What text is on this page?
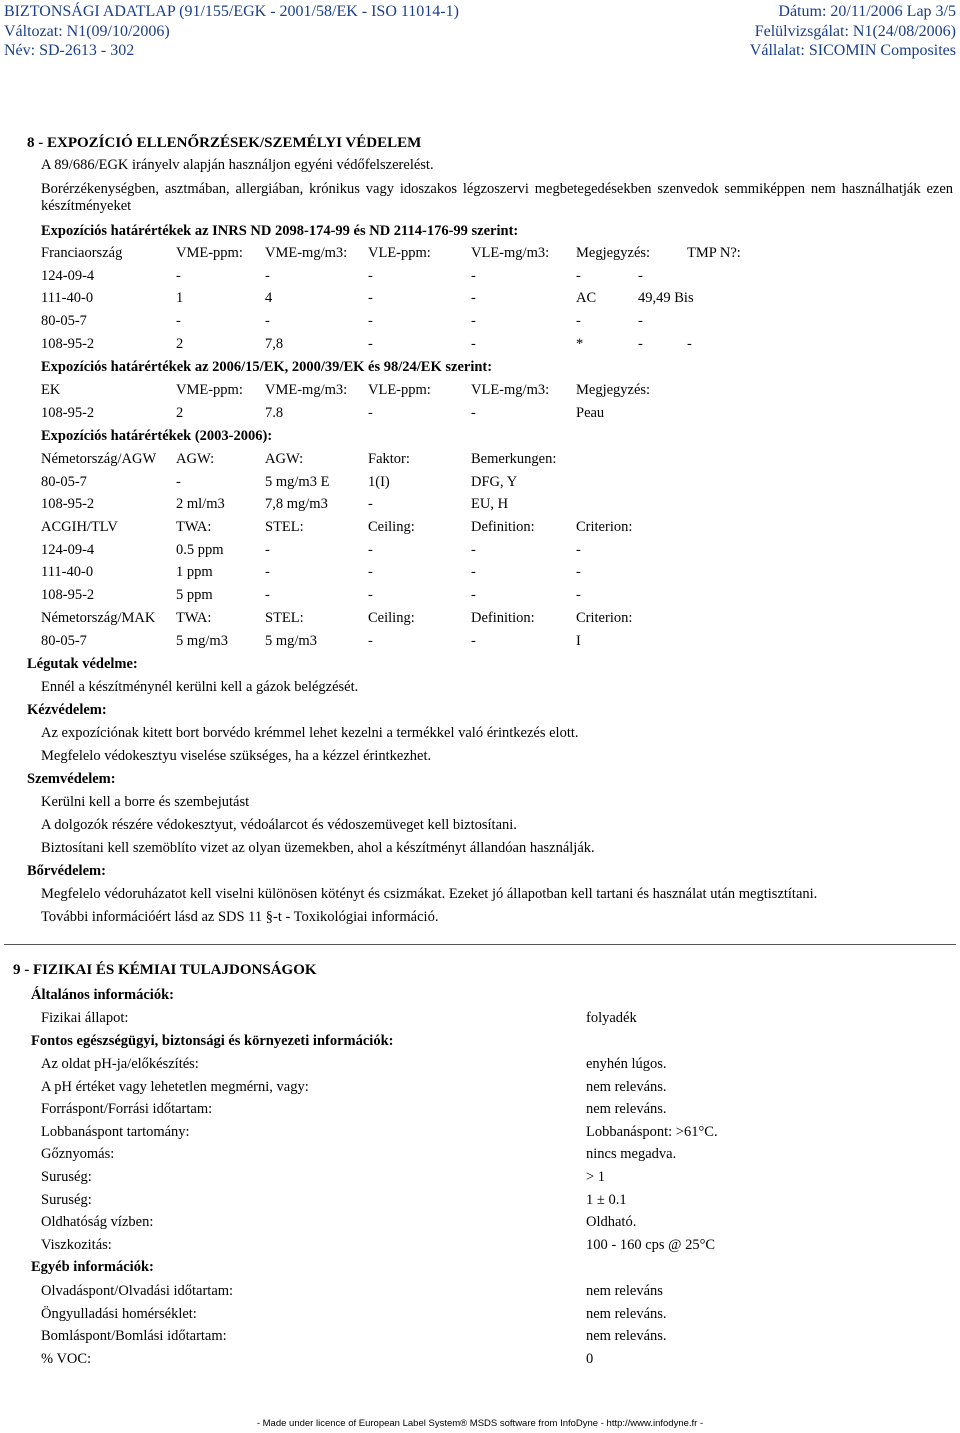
BIZTONSÁGI ADATLAP (91/155/EGK - 2001/58/EK - ISO 11014-1)
Változat: N1(09/10/2006)
Név: SD-2613 - 302
Dátum: 20/11/2006 Lap 3/5
Felülvizsgálat: N1(24/08/2006)
Vállalat: SICOMIN Composites
8 - EXPOZÍCIÓ ELLENŐRZÉSEK/SZEMÉLYI VÉDELEM
A 89/686/EGK irányelv alapján használjon egyéni védőfelszerelést.
Borérzékenységben, asztmában, allergiában, krónikus vagy idoszakos légzoszervi megbetegedésekben szenvedok semmiképpen nem használhatják ezen készítményeket
Expozíciós határértékek az INRS ND 2098-174-99 és ND 2114-176-99 szerint:
Franciaország	VME-ppm: VME-mg/m3: VLE-ppm:	VLE-mg/m3: Megjegyzés:	TMP N?:
124-09-4	-	-	-	-	-	-
111-40-0	1	4	-	-	AC	49,49 Bis
80-05-7	-	-	-	-	-	-
108-95-2	2	7,8	-	-	*	-	-
Expozíciós határértékek az 2006/15/EK, 2000/39/EK és 98/24/EK szerint:
EK	VME-ppm: VME-mg/m3: VLE-ppm:	VLE-mg/m3: Megjegyzés:
108-95-2	2	7.8	-	-	Peau
Expozíciós határértékek (2003-2006):
Németország/AGW AGW:	AGW:	Faktor:	Bemerkungen:
80-05-7	-	5 mg/m3 E	1(I)	DFG, Y
108-95-2	2 ml/m3	7,8 mg/m3	-	EU, H
ACGIH/TLV	TWA:	STEL:	Ceiling:	Definition:	Criterion:
124-09-4	0.5 ppm	-	-	-	-
111-40-0	1 ppm	-	-	-	-
108-95-2	5 ppm	-	-	-	-
Németország/MAK TWA:	STEL:	Ceiling:	Definition:	Criterion:
80-05-7	5 mg/m3	5 mg/m3	-	-	I
Légutak védelme:
Ennél a készítménynél kerülni kell a gázok belégzését.
Kézvédelem:
Az expozíciónak kitett bort borvédo krémmel lehet kezelni a termékkel való érintkezés elott.
Megfelelo védokesztyu viselése szükséges, ha a kézzel érintkezhet.
Szemvédelem:
Kerülni kell a borre és szembejutást
A dolgozók részére védokesztyut, védoálarcot és védoszemüveget kell biztosítani.
Biztosítani kell szemöblíto vizet az olyan üzemekben, ahol a készítményt állandóan használják.
Bőrvédelem:
Megfelelo védoruházatot kell viselni különösen kötényt és csizmákat. Ezeket jó állapotban kell tartani és használat után megtisztítani.
További információért lásd az SDS 11 §-t - Toxikológiai információ.
9 - FIZIKAI ÉS KÉMIAI TULAJDONSÁGOK
Általános információk:
Fizikai állapot:	folyadék
Fontos egészségügyi, biztonsági és környezeti információk:
Az oldat pH-ja/előkészítés:	enyhén lúgos.
A pH értéket vagy lehetetlen megmérni, vagy:	nem releváns.
Forráspont/Forrási időtartam:	nem releváns.
Lobbanáspont tartomány:	Lobbanáspont: >61°C.
Gőznyomás:	nincs megadva.
Suruség:	> 1
Suruség:	1 ± 0.1
Oldhatóság vízben:	Oldható.
Viszkozitás:	100 - 160 cps @ 25°C
Egyéb információk:
Olvadáspont/Olvadási időtartam:	nem releváns
Öngyulladási homérséklet:	nem releváns.
Bomláspont/Bomlási időtartam:	nem releváns.
% VOC:	0
- Made under licence of European Label System® MSDS software from InfoDyne - http://www.infodyne.fr -
